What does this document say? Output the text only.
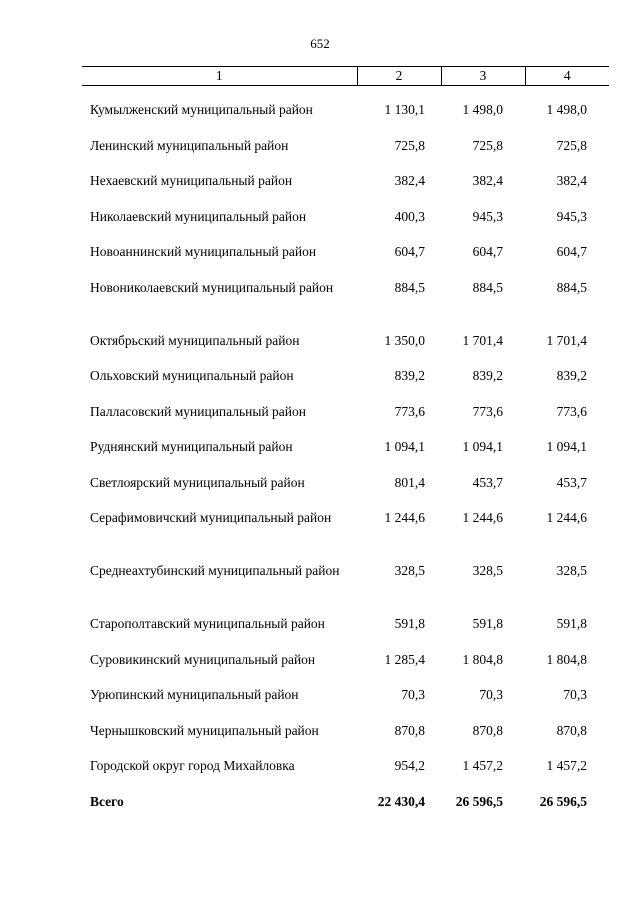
652
1	2	3	4

Кумылженский муниципальный район	1 130,1	1 498,0	1 498,0
Ленинский муниципальный район	725,8	725,8	725,8
Нехаевский муниципальный район	382,4	382,4	382,4
Николаевский муниципальный район	400,3	945,3	945,3
Новоаннинский муниципальный район	604,7	604,7	604,7
Новониколаевский муниципальный район	884,5	884,5	884,5
Октябрьский муниципальный район	1 350,0	1 701,4	1 701,4
Ольховский муниципальный район	839,2	839,2	839,2
Палласовский муниципальный район	773,6	773,6	773,6
Руднянский муниципальный район	1 094,1	1 094,1	1 094,1
Светлоярский муниципальный район	801,4	453,7	453,7
Серафимовичский муниципальный район	1 244,6	1 244,6	1 244,6
Среднеахтубинский муниципальный район	328,5	328,5	328,5
Старополтавский муниципальный район	591,8	591,8	591,8
Суровикинский муниципальный район	1 285,4	1 804,8	1 804,8
Урюпинский муниципальный район	70,3	70,3	70,3
Чернышковский муниципальный район	870,8	870,8	870,8
Городской округ город Михайловка	954,2	1 457,2	1 457,2
Всего	22 430,4	26 596,5	26 596,5
